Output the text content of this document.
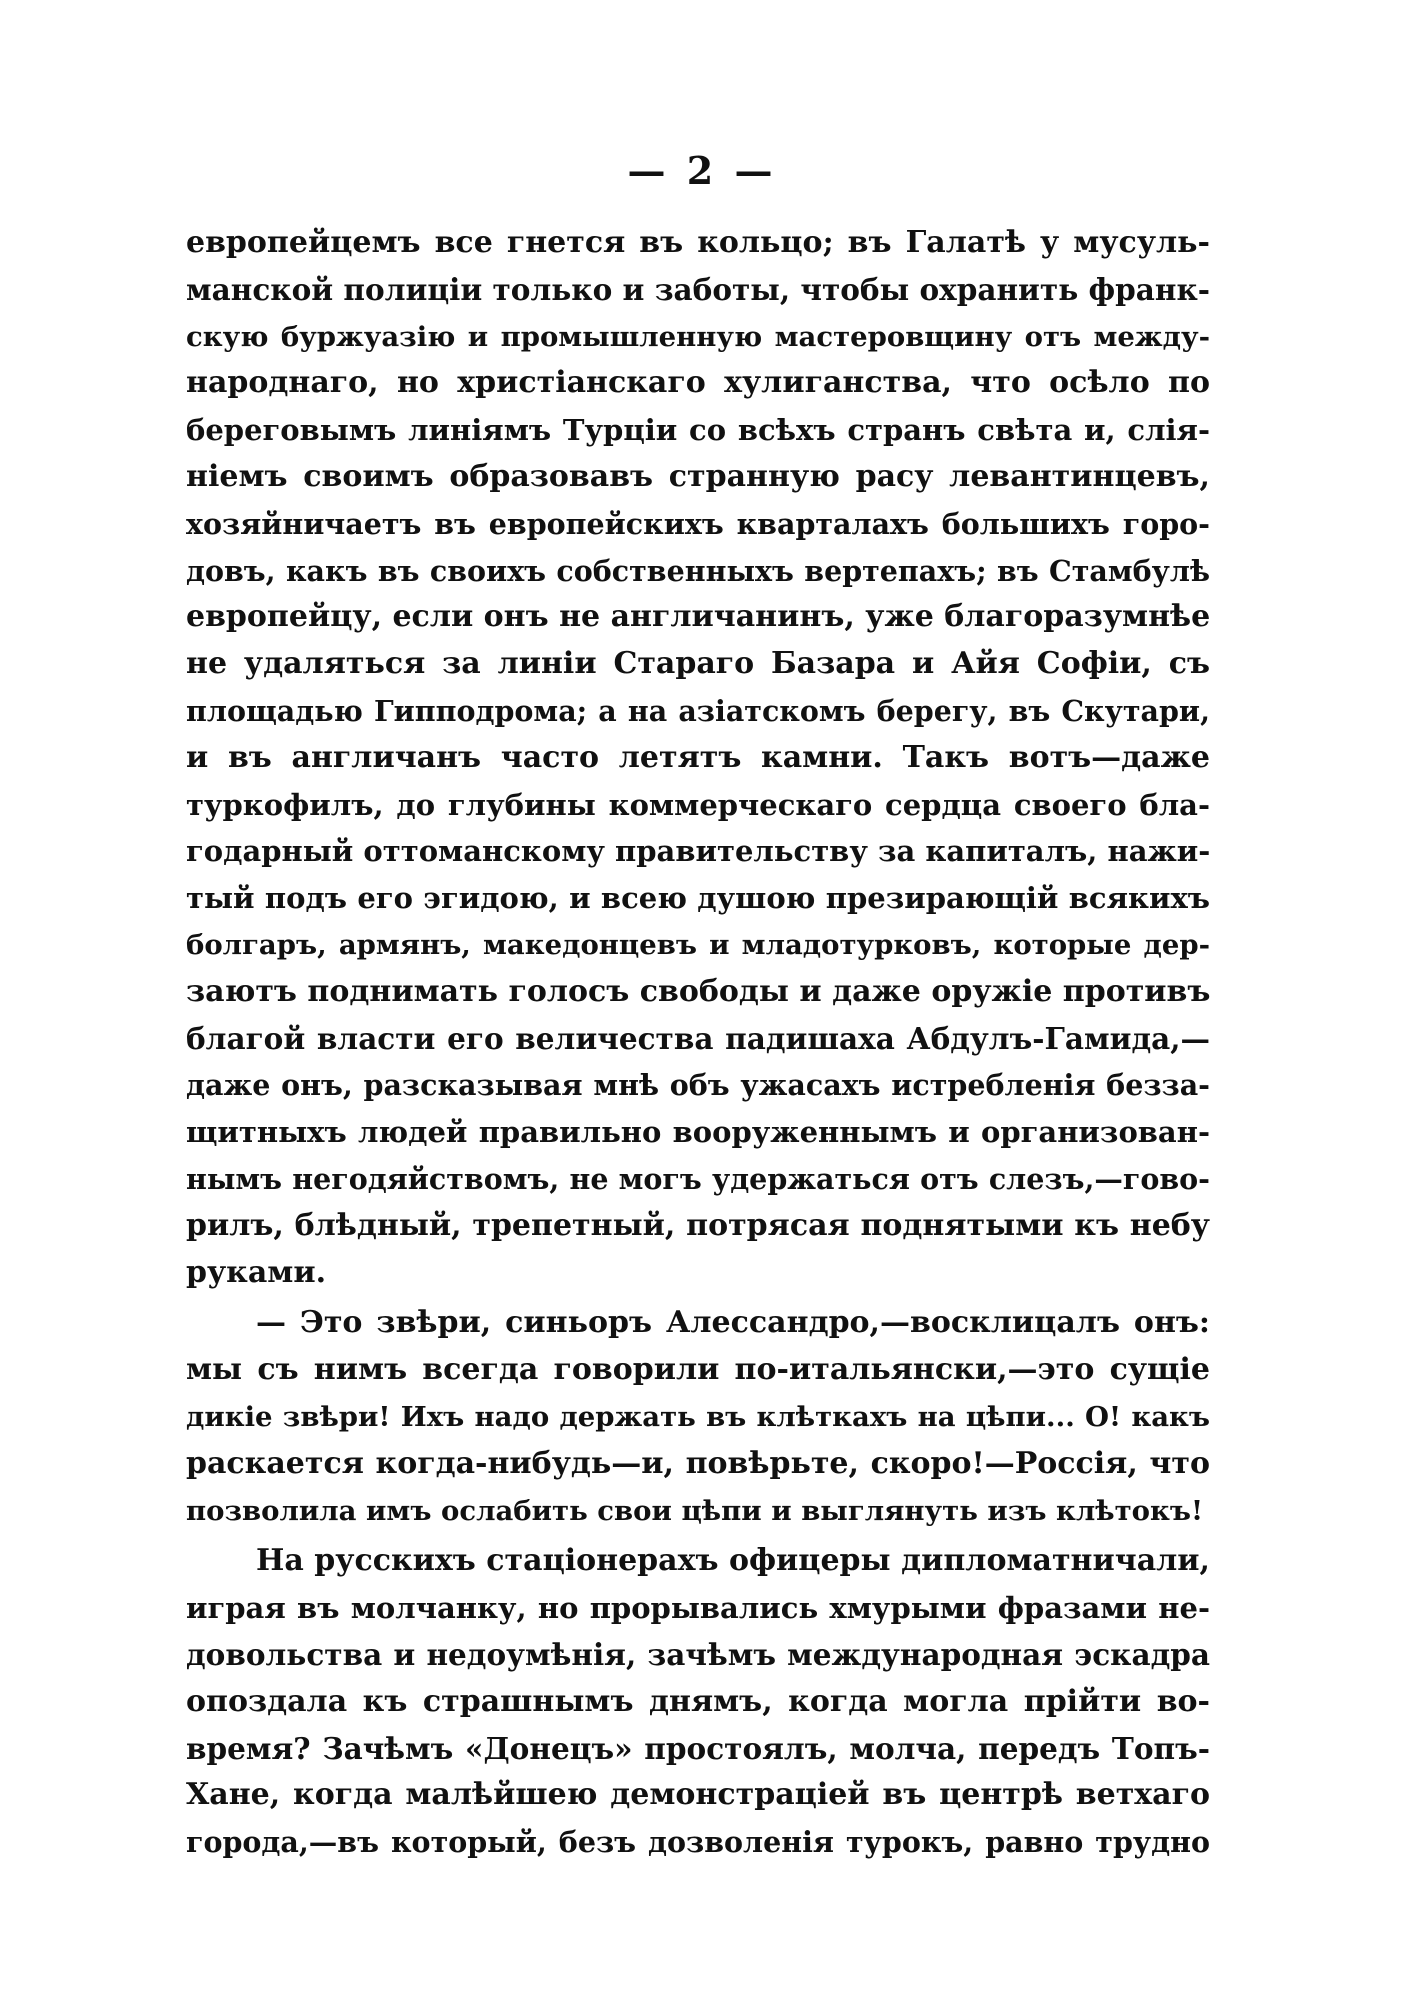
— 2 —
европейцемъ все гнется въ кольцо; въ Галатѣ у мусуль-
манской полиціи только и заботы, чтобы охранить франк-
скую буржуазію и промышленную мастеровщину отъ между-
народнаго, но христіанскаго хулиганства, что осѣло по
береговымъ линіямъ Турціи со всѣхъ странъ свѣта и, слія-
ніемъ своимъ образовавъ странную расу левантинцевъ,
хозяйничаетъ въ европейскихъ кварталахъ большихъ горо-
довъ, какъ въ своихъ собственныхъ вертепахъ; въ Стамбулѣ
европейцу, если онъ не англичанинъ, уже благоразумнѣе
не удаляться за линіи Стараго Базара и Айя Софіи, съ
площадью Гипподрома; а на азіатскомъ берегу, въ Скутари,
и въ англичанъ часто летятъ камни. Такъ вотъ—даже
туркофилъ, до глубины коммерческаго сердца своего бла-
годарный оттоманскому правительству за капиталъ, нажи-
тый подъ его эгидою, и всею душою презирающій всякихъ
болгаръ, армянъ, македонцевъ и младотурковъ, которые дер-
заютъ поднимать голосъ свободы и даже оружіе противъ
благой власти его величества падишаха Абдулъ-Гамида,—
даже онъ, разсказывая мнѣ объ ужасахъ истребленія безза-
щитныхъ людей правильно вооруженнымъ и организован-
нымъ негодяйствомъ, не могъ удержаться отъ слезъ,—гово-
рилъ, блѣдный, трепетный, потрясая поднятыми къ небу
руками.
— Это звѣри, синьоръ Алессандро,—восклицалъ онъ:
мы съ нимъ всегда говорили по-итальянски,—это сущіе
дикіе звѣри! Ихъ надо держать въ клѣткахъ на цѣпи... О! какъ
раскается когда-нибудь—и, повѣрьте, скоро!—Россія, что
позволила имъ ослабить свои цѣпи и выглянуть изъ клѣтокъ!
На русскихъ стаціонерахъ офицеры дипломатничали,
играя въ молчанку, но прорывались хмурыми фразами не-
довольства и недоумѣнія, зачѣмъ международная эскадра
опоздала къ страшнымъ днямъ, когда могла прійти во-
время? Зачѣмъ «Донецъ» простоялъ, молча, передъ Топъ-
Хане, когда малѣйшею демонстраціей въ центрѣ ветхаго
города,—въ который, безъ дозволенія турокъ, равно трудно
